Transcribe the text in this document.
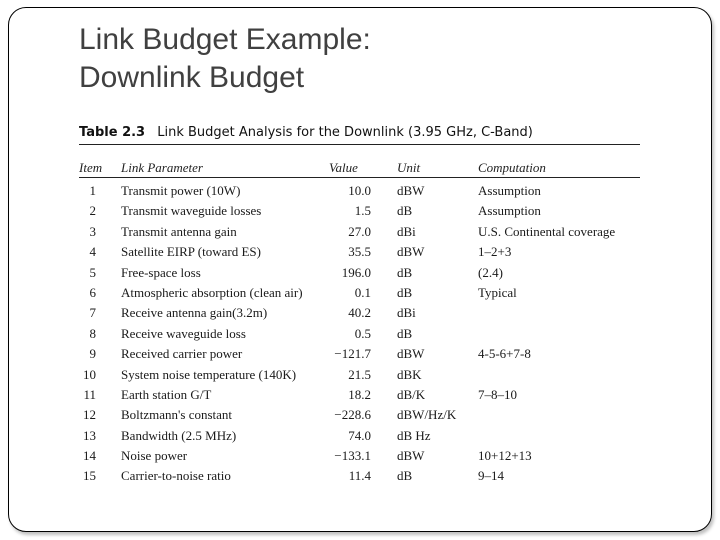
Link Budget Example:
Downlink Budget
Table 2.3 Link Budget Analysis for the Downlink (3.95 GHz, C-Band)
Item Link Parameter	Value	Unit	Computation
1 Transmit power (10W)	10.0 dBW	Assumption
2 Transmit waveguide losses	1.5 dB	Assumption
3 Transmit antenna gain	27.0 dBi	U.S. Continental coverage
4 Satellite EIRP (toward ES)	35.5 dBW	1–2+3
5 Free-space loss	196.0 dB	(2.4)
6 Atmospheric absorption (clean air)	0.1 dB	Typical
7 Receive antenna gain(3.2m)	40.2 dBi
8 Receive waveguide loss	0.5 dB
9 Received carrier power	−121.7 dBW	4-5-6+7-8
10 System noise temperature (140K)	21.5 dBK
11 Earth station G/T	18.2 dB/K	7–8–10
12 Boltzmann's constant	−228.6 dBW/Hz/K
13 Bandwidth (2.5 MHz)	74.0 dB Hz
14 Noise power	−133.1 dBW	10+12+13
15 Carrier-to-noise ratio	11.4 dB	9–14
